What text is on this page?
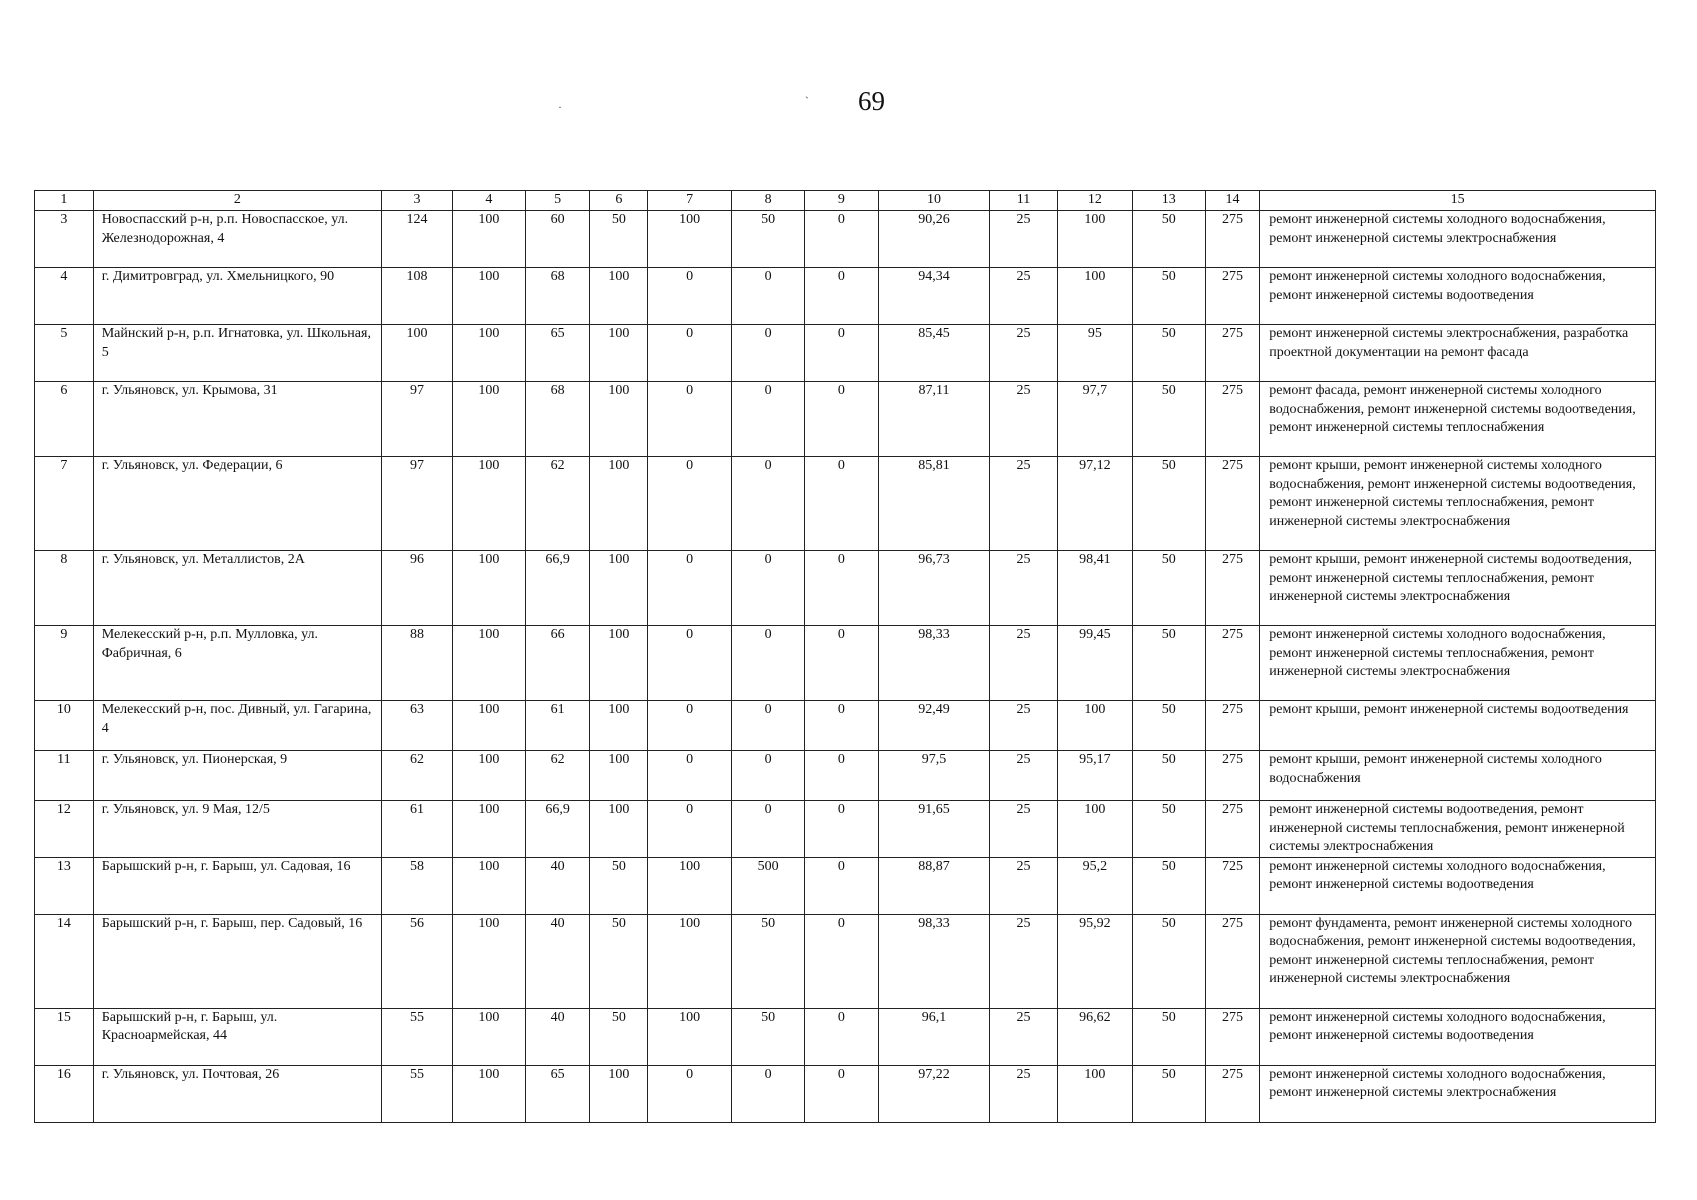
69
ˎ
·
1	2	3	4	5	6	7	8	9	10	11	12	13	14	15
3	Новоспасский р-н, р.п. Новоспасское, ул. Железнодорожная, 4	124	100	60	50	100	50	0	90,26	25	100	50	275	ремонт инженерной системы холодного водоснабжения, ремонт инженерной системы электроснабжения
4	г. Димитровград, ул. Хмельницкого, 90	108	100	68	100	0	0	0	94,34	25	100	50	275	ремонт инженерной системы холодного водоснабжения, ремонт инженерной системы водоотведения
5	Майнский р-н, р.п. Игнатовка, ул. Школьная, 5	100	100	65	100	0	0	0	85,45	25	95	50	275	ремонт инженерной системы электроснабжения, разработка проектной документации на ремонт фасада
6	г. Ульяновск, ул. Крымова, 31	97	100	68	100	0	0	0	87,11	25	97,7	50	275	ремонт фасада, ремонт инженерной системы холодного водоснабжения, ремонт инженерной системы водоотведения, ремонт инженерной системы теплоснабжения
7	г. Ульяновск, ул. Федерации, 6	97	100	62	100	0	0	0	85,81	25	97,12	50	275	ремонт крыши, ремонт инженерной системы холодного водоснабжения, ремонт инженерной системы водоотведения, ремонт инженерной системы теплоснабжения, ремонт инженерной системы электроснабжения
8	г. Ульяновск, ул. Металлистов, 2А	96	100	66,9	100	0	0	0	96,73	25	98,41	50	275	ремонт крыши, ремонт инженерной системы водоотведения, ремонт инженерной системы теплоснабжения, ремонт инженерной системы электроснабжения
9	Мелекесский р-н, р.п. Мулловка, ул. Фабричная, 6	88	100	66	100	0	0	0	98,33	25	99,45	50	275	ремонт инженерной системы холодного водоснабжения, ремонт инженерной системы теплоснабжения, ремонт инженерной системы электроснабжения
10	Мелекесский р-н, пос. Дивный, ул. Гагарина, 4	63	100	61	100	0	0	0	92,49	25	100	50	275	ремонт крыши, ремонт инженерной системы водоотведения
11	г. Ульяновск, ул. Пионерская, 9	62	100	62	100	0	0	0	97,5	25	95,17	50	275	ремонт крыши, ремонт инженерной системы холодного водоснабжения
12	г. Ульяновск, ул. 9 Мая, 12/5	61	100	66,9	100	0	0	0	91,65	25	100	50	275	ремонт инженерной системы водоотведения, ремонт инженерной системы теплоснабжения, ремонт инженерной системы электроснабжения
13	Барышский р-н, г. Барыш, ул. Садовая, 16	58	100	40	50	100	500	0	88,87	25	95,2	50	725	ремонт инженерной системы холодного водоснабжения, ремонт инженерной системы водоотведения
14	Барышский р-н, г. Барыш, пер. Садовый, 16	56	100	40	50	100	50	0	98,33	25	95,92	50	275	ремонт фундамента, ремонт инженерной системы холодного водоснабжения, ремонт инженерной системы водоотведения, ремонт инженерной системы теплоснабжения, ремонт инженерной системы электроснабжения
15	Барышский р-н, г. Барыш, ул. Красноармейская, 44	55	100	40	50	100	50	0	96,1	25	96,62	50	275	ремонт инженерной системы холодного водоснабжения, ремонт инженерной системы водоотведения
16	г. Ульяновск, ул. Почтовая, 26	55	100	65	100	0	0	0	97,22	25	100	50	275	ремонт инженерной системы холодного водоснабжения, ремонт инженерной системы электроснабжения
